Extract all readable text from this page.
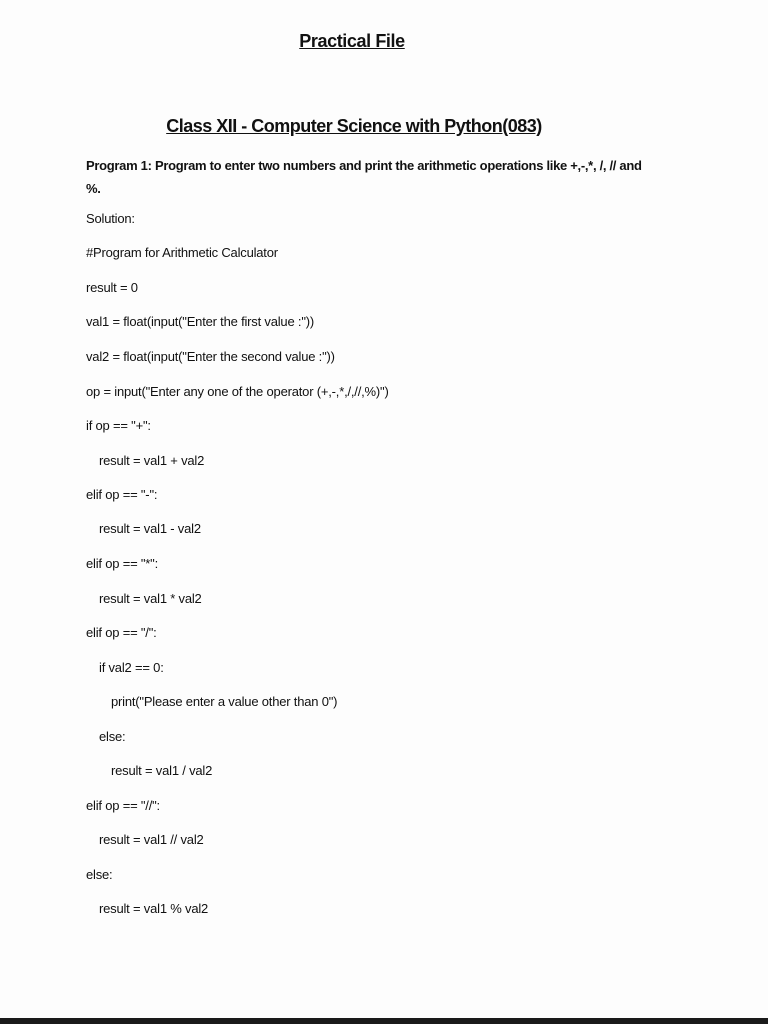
Practical File
Class XII - Computer Science with Python(083)
Program 1: Program to enter two numbers and print the arithmetic operations like +,-,*, /, // and %.
Solution:
#Program for Arithmetic Calculator
result = 0
val1 = float(input("Enter the first value :"))
val2 = float(input("Enter the second value :"))
op = input("Enter any one of the operator (+,-,*,/,//,%)")
if op == "+":
result = val1 + val2
elif op == "-":
result = val1 - val2
elif op == "*":
result = val1 * val2
elif op == "/":
if val2 == 0:
print("Please enter a value other than 0")
else:
result = val1 / val2
elif op == "//":
result = val1 // val2
else:
result = val1 % val2
